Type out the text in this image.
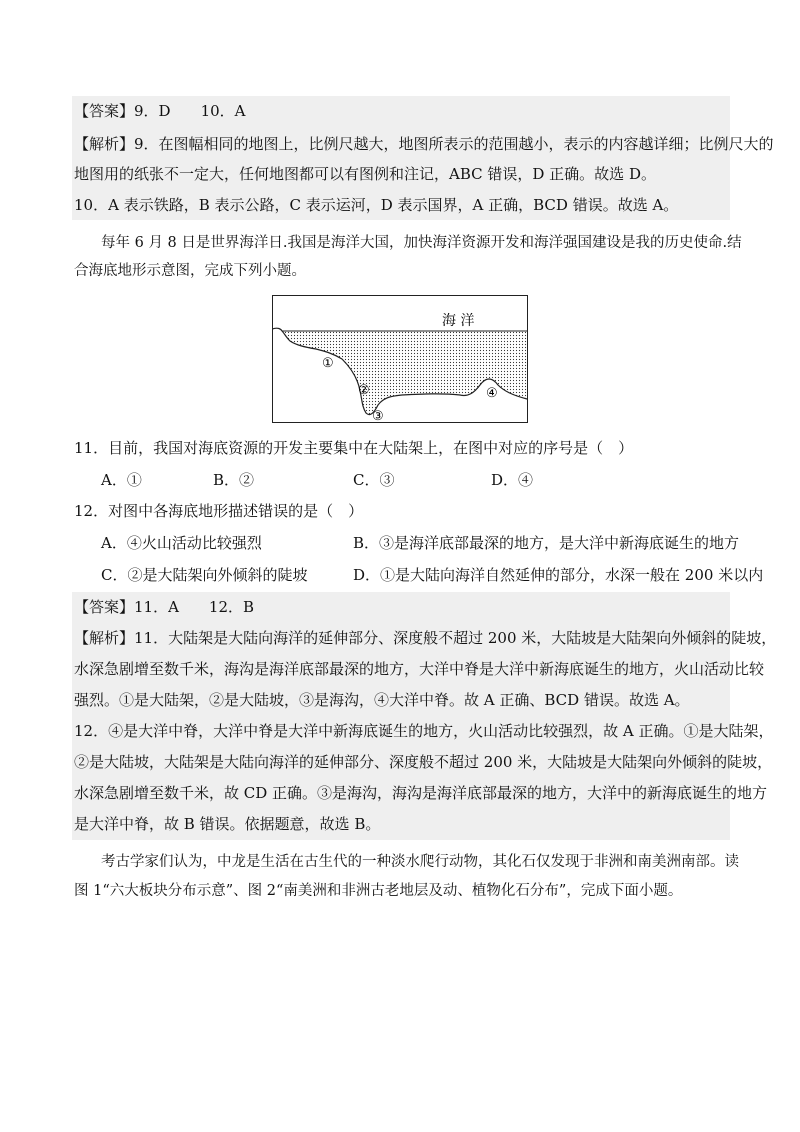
【答案】9．D　　10．A
【解析】9．在图幅相同的地图上，比例尺越大，地图所表示的范围越小，表示的内容越详细；比例尺大的
地图用的纸张不一定大，任何地图都可以有图例和注记，ABC 错误，D 正确。故选 D。
10．A 表示铁路，B 表示公路，C 表示运河，D 表示国界，A 正确，BCD 错误。故选 A。
每年 6 月 8 日是世界海洋日.我国是海洋大国，加快海洋资源开发和海洋强国建设是我的历史使命.结
合海底地形示意图，完成下列小题。
海 洋
①
②
③
④
11．目前，我国对海底资源的开发主要集中在大陆架上，在图中对应的序号是（　）
A．①	B．②	C．③	D．④
12．对图中各海底地形描述错误的是（　）
A．④火山活动比较强烈	B．③是海洋底部最深的地方，是大洋中新海底诞生的地方
C．②是大陆架向外倾斜的陡坡	D．①是大陆向海洋自然延伸的部分，水深一般在 200 米以内
【答案】11．A　　12．B
【解析】11．大陆架是大陆向海洋的延伸部分、深度般不超过 200 米，大陆坡是大陆架向外倾斜的陡坡，
水深急剧增至数千米，海沟是海洋底部最深的地方，大洋中脊是大洋中新海底诞生的地方，火山活动比较
强烈。①是大陆架，②是大陆坡，③是海沟，④大洋中脊。故 A 正确、BCD 错误。故选 A。
12．④是大洋中脊，大洋中脊是大洋中新海底诞生的地方，火山活动比较强烈，故 A 正确。①是大陆架，
②是大陆坡，大陆架是大陆向海洋的延伸部分、深度般不超过 200 米，大陆坡是大陆架向外倾斜的陡坡，
水深急剧增至数千米，故 CD 正确。③是海沟，海沟是海洋底部最深的地方，大洋中的新海底诞生的地方
是大洋中脊，故 B 错误。依据题意，故选 B。
考古学家们认为，中龙是生活在古生代的一种淡水爬行动物，其化石仅发现于非洲和南美洲南部。读
图 1“六大板块分布示意”、图 2“南美洲和非洲古老地层及动、植物化石分布”，完成下面小题。
